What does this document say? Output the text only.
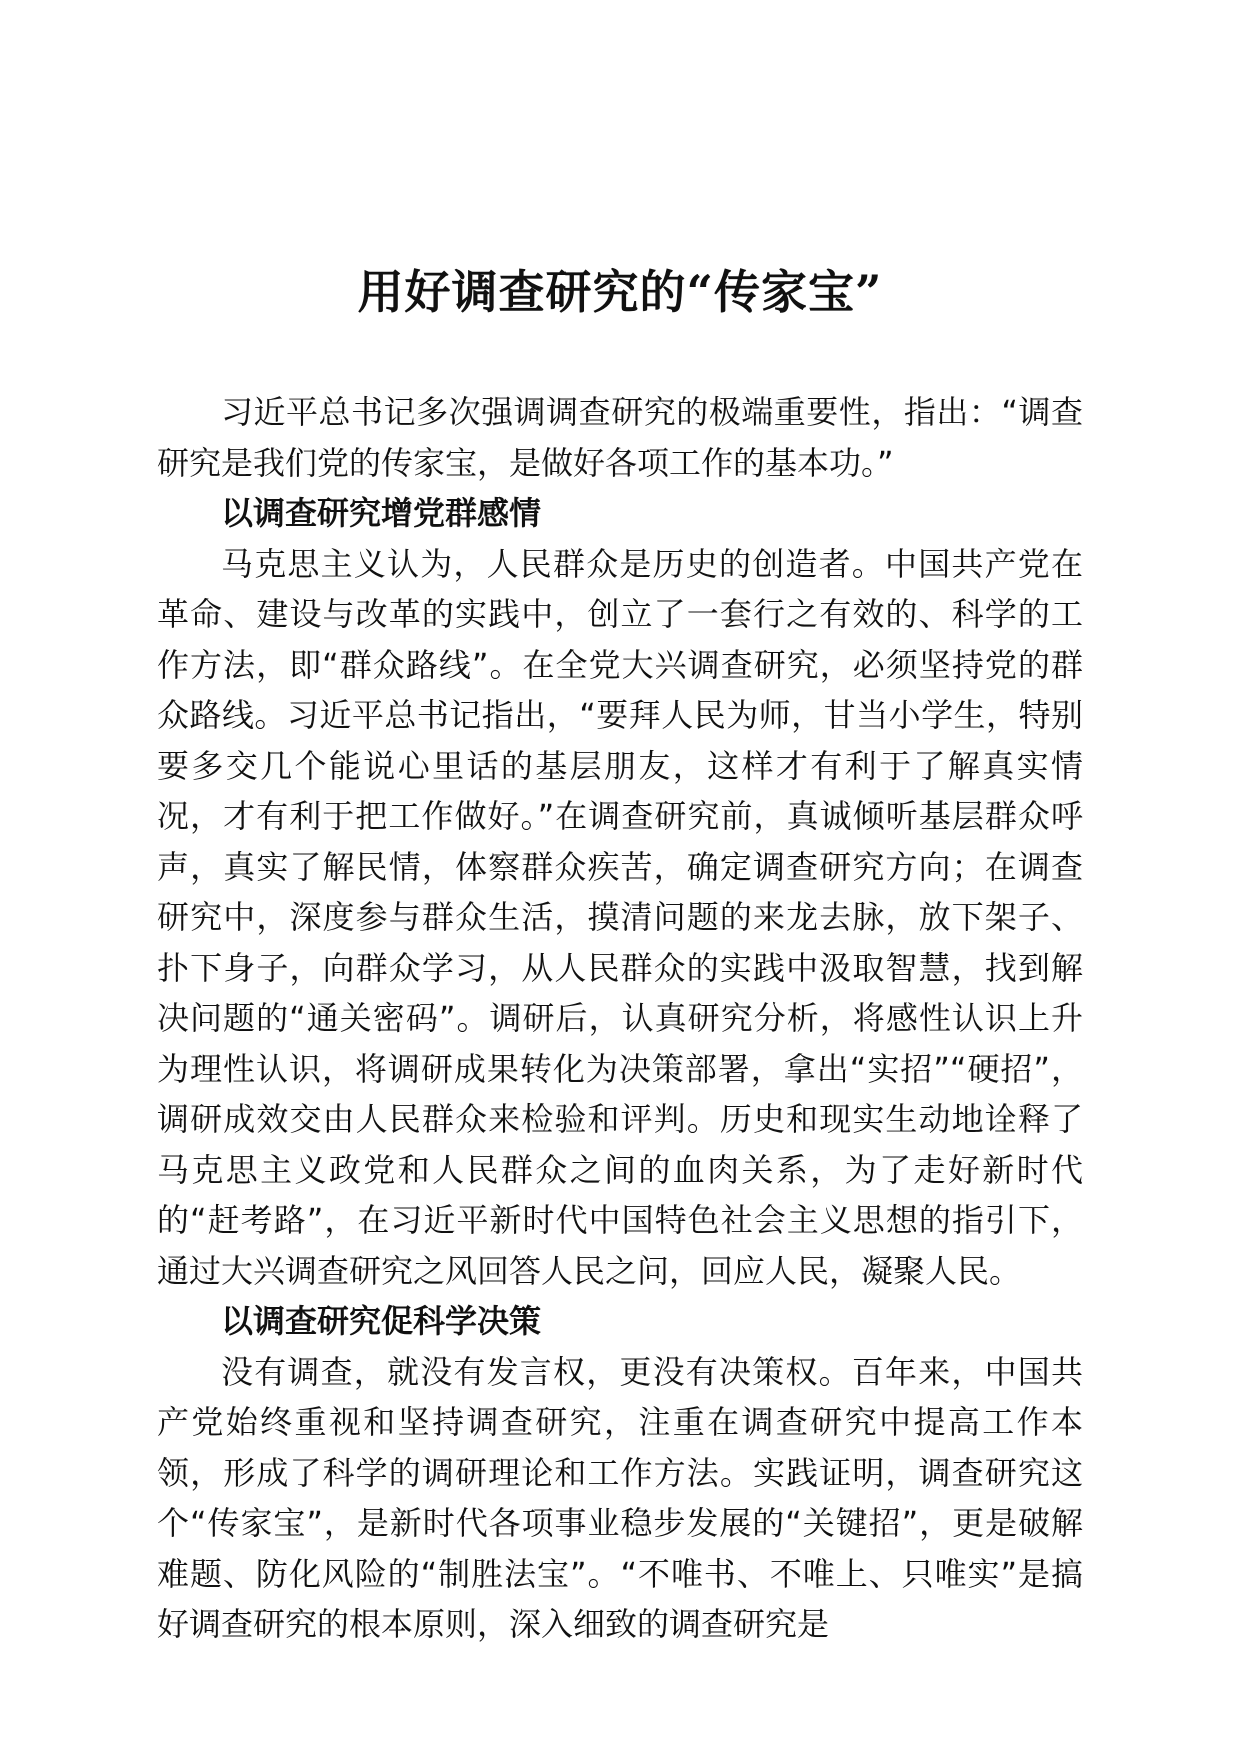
用好调查研究的“传家宝”

习近平总书记多次强调调查研究的极端重要性，指出：“调查研究是我们党的传家宝，是做好各项工作的基本功。”

以调查研究增党群感情

马克思主义认为，人民群众是历史的创造者。中国共产党在革命、建设与改革的实践中，创立了一套行之有效的、科学的工作方法，即“群众路线”。在全党大兴调查研究，必须坚持党的群众路线。习近平总书记指出，“要拜人民为师，甘当小学生，特别要多交几个能说心里话的基层朋友，这样才有利于了解真实情况，才有利于把工作做好。”在调查研究前，真诚倾听基层群众呼声，真实了解民情，体察群众疾苦，确定调查研究方向；在调查研究中，深度参与群众生活，摸清问题的来龙去脉，放下架子、扑下身子，向群众学习，从人民群众的实践中汲取智慧，找到解决问题的“通关密码”。调研后，认真研究分析，将感性认识上升为理性认识，将调研成果转化为决策部署，拿出“实招”“硬招”，调研成效交由人民群众来检验和评判。历史和现实生动地诠释了马克思主义政党和人民群众之间的血肉关系，为了走好新时代的“赶考路”，在习近平新时代中国特色社会主义思想的指引下，通过大兴调查研究之风回答人民之问，回应人民，凝聚人民。

以调查研究促科学决策

没有调查，就没有发言权，更没有决策权。百年来，中国共产党始终重视和坚持调查研究，注重在调查研究中提高工作本领，形成了科学的调研理论和工作方法。实践证明，调查研究这个“传家宝”，是新时代各项事业稳步发展的“关键招”，更是破解难题、防化风险的“制胜法宝”。“不唯书、不唯上、只唯实”是搞好调查研究的根本原则，深入细致的调查研究是
